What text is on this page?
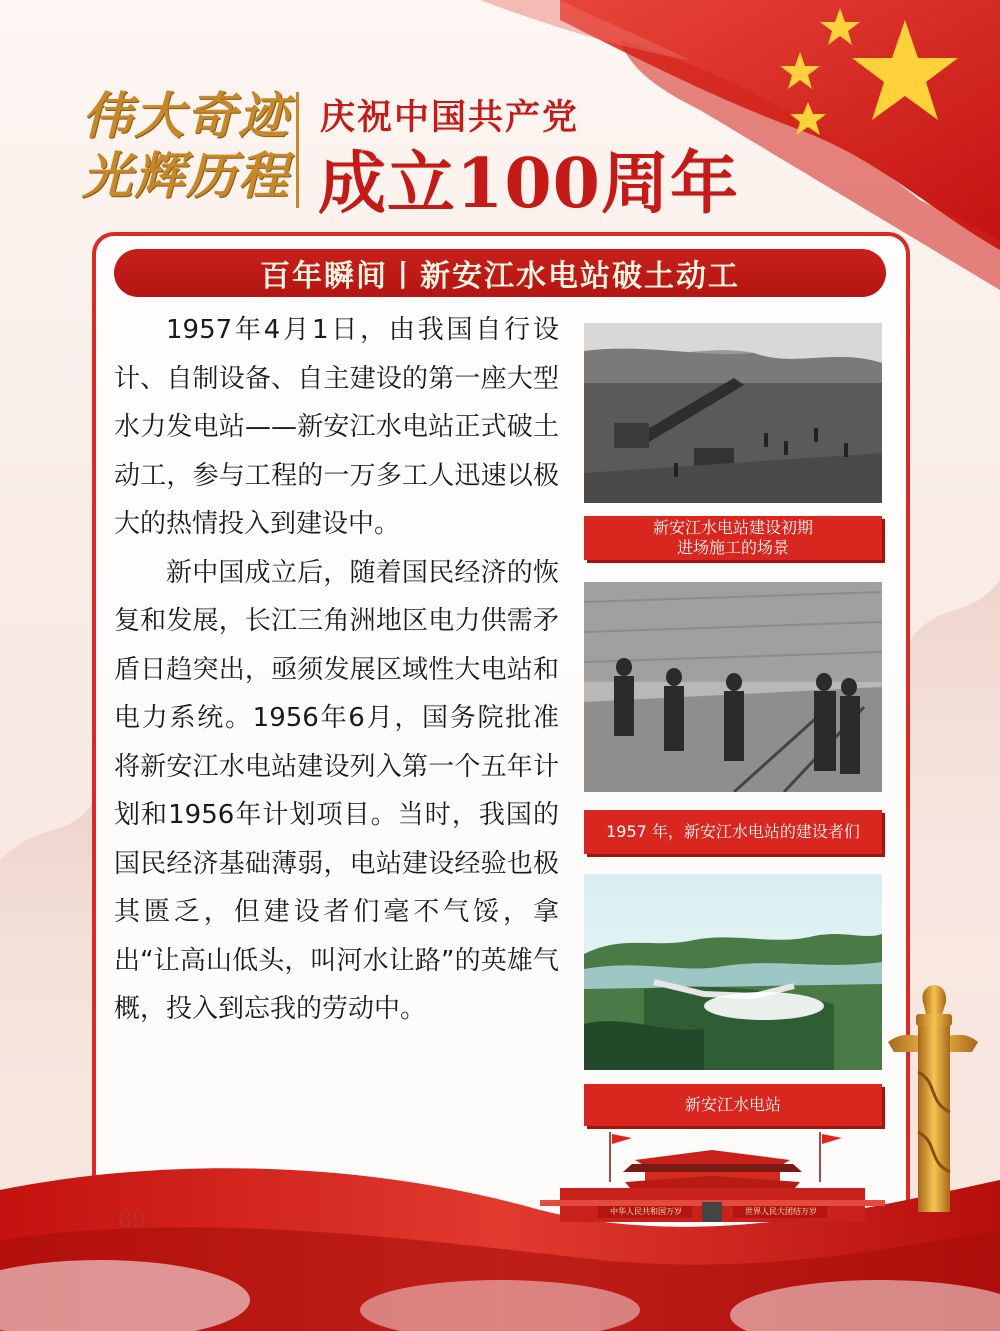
伟大奇迹
光辉历程
庆祝中国共产党
成立100周年
百年瞬间丨新安江水电站破土动工

1957年4月1日，由我国自行设计、自制设备、自主建设的第一座大型水力发电站——新安江水电站正式破土动工，参与工程的一万多工人迅速以极大的热情投入到建设中。

新中国成立后，随着国民经济的恢复和发展，长江三角洲地区电力供需矛盾日趋突出，亟须发展区域性大电站和电力系统。1956年6月，国务院批准将新安江水电站建设列入第一个五年计划和1956年计划项目。当时，我国的国民经济基础薄弱，电站建设经验也极其匮乏，但建设者们毫不气馁，拿出“让高山低头，叫河水让路”的英雄气概，投入到忘我的劳动中。

新安江水电站建设初期
进场施工的场景
1957 年，新安江水电站的建设者们
新安江水电站
中华人民共和国万岁	世界人民大团结万岁
89
